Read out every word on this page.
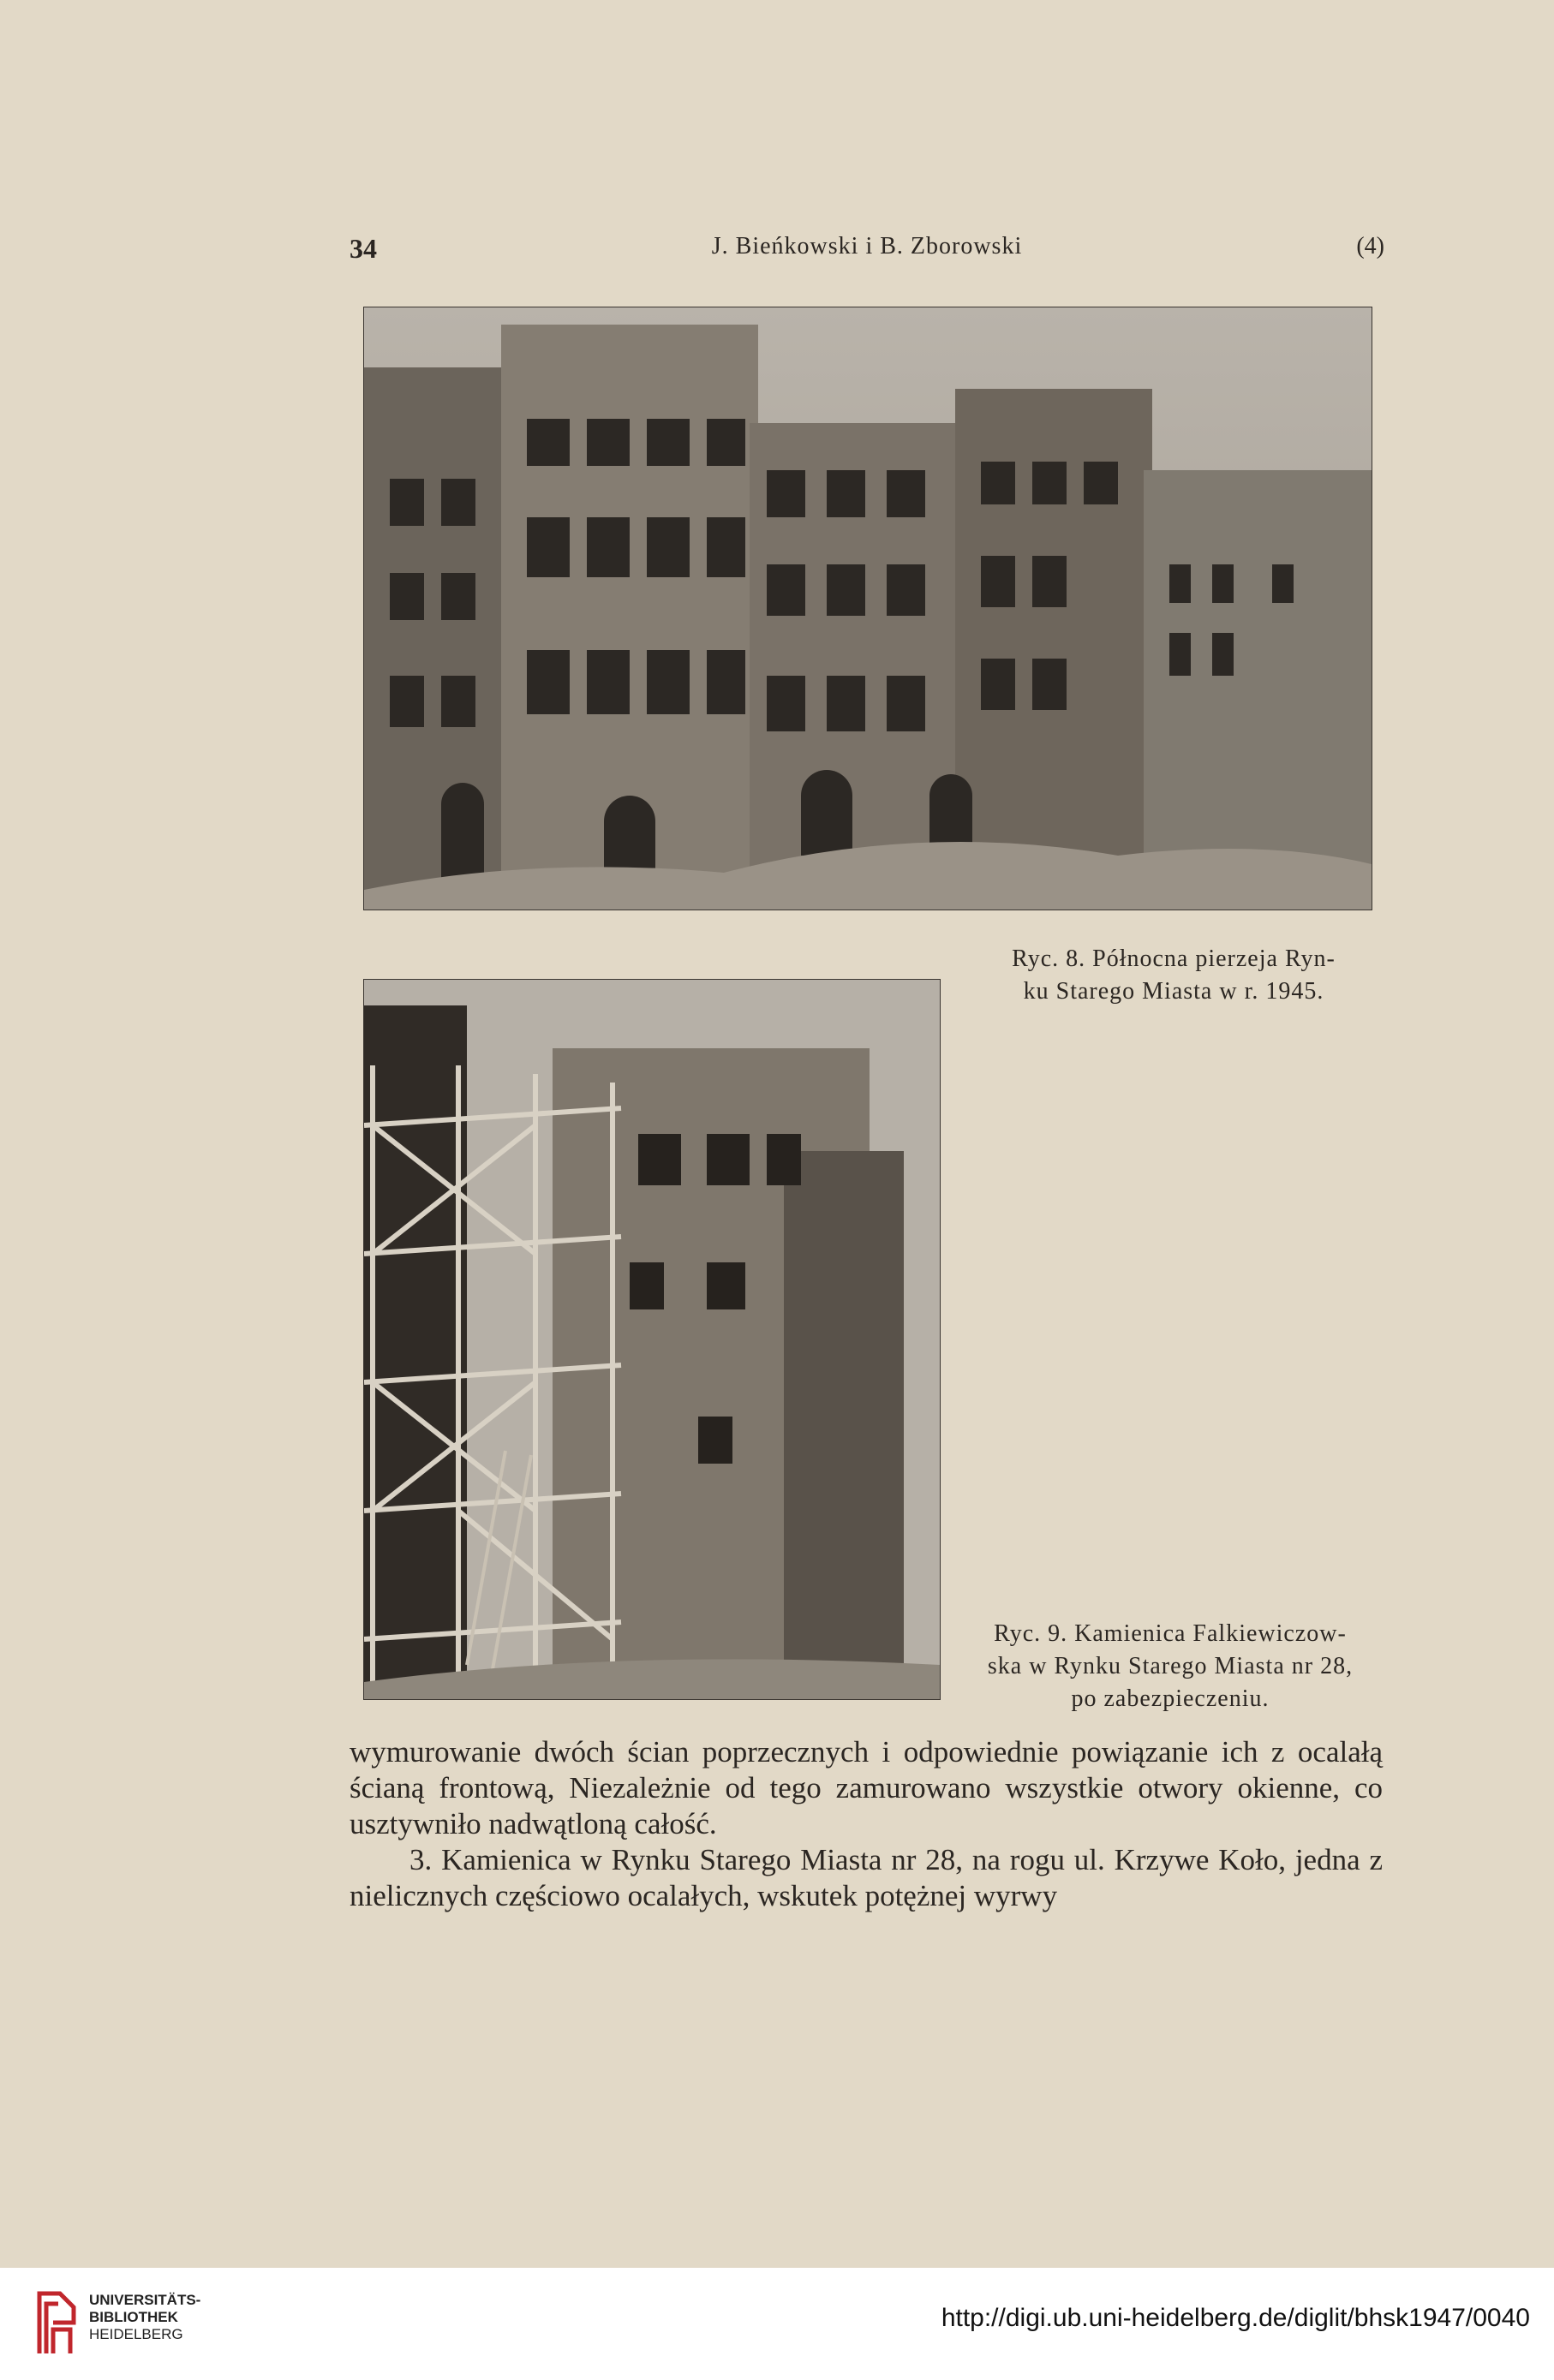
34	J. Bieńkowski i B. Zborowski	(4)
Ryc. 8. Północna pierzeja Ryn-
ku Starego Miasta w r. 1945.
Ryc. 9. Kamienica Falkiewiczow-
ska w Rynku Starego Miasta nr 28,
po zabezpieczeniu.

wymurowanie dwóch ścian poprzecznych i odpowiednie powiązanie ich z ocalałą ścianą frontową, Niezależnie od tego zamurowano wszystkie otwory okienne, co usztywniło nadwątloną całość.

3. Kamienica w Rynku Starego Miasta nr 28, na rogu ul. Krzywe Koło, jedna z nielicznych częściowo ocalałych, wskutek potężnej wyrwy

UNIVERSITÄTS-
BIBLIOTHEK
HEIDELBERG
http://digi.ub.uni-heidelberg.de/diglit/bhsk1947/0040
